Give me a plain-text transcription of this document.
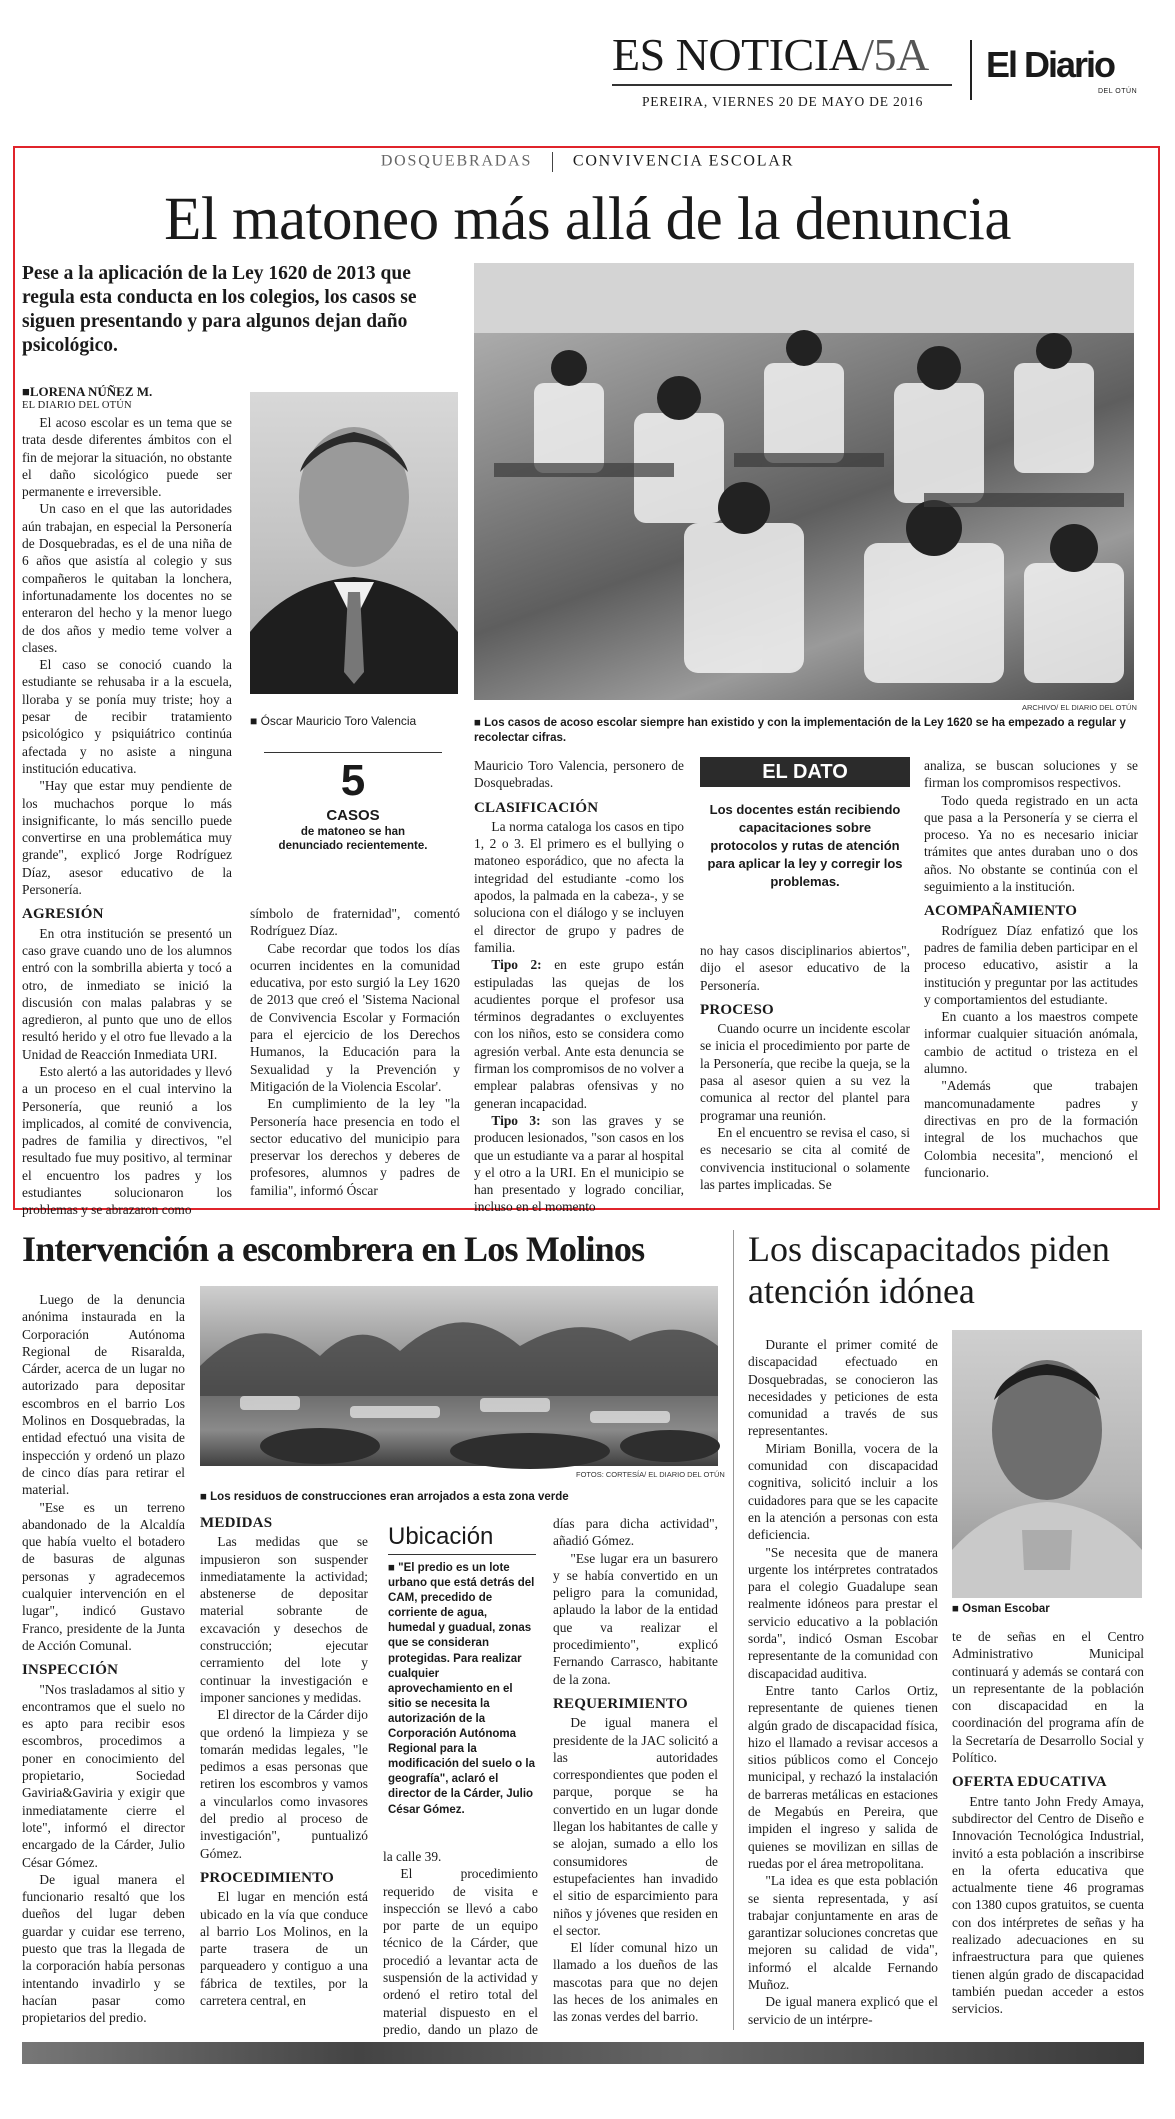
ES NOTICIA/5A El Diario
DEL OTÚN
PEREIRA, VIERNES 20 DE MAYO DE 2016
DOSQUEBRADAS	CONVIVENCIA ESCOLAR
El matoneo más allá de la denuncia
Pese a la aplicación de la Ley 1620 de 2013 que regula esta conducta en los colegios, los casos se siguen presentando y para algunos dejan daño psicológico.
ARCHIVO/ EL DIARIO DEL OTÚN
■ Los casos de acoso escolar siempre han existido y con la implementación de la Ley 1620 se ha empezado a regular y recolectar cifras.
■ Óscar Mauricio Toro Valencia
5
CASOS
de matoneo se han denunciado recientemente.
■LORENA NÚÑEZ M.
EL DIARIO DEL OTÚN

El acoso escolar es un tema que se trata desde diferentes ámbitos con el fin de mejorar la situación, no obstante el daño sicológico puede ser permanente e irreversible.

Un caso en el que las autoridades aún trabajan, en especial la Personería de Dosquebradas, es el de una niña de 6 años que asistía al colegio y sus compañeros le quitaban la lonchera, infortunadamente los docentes no se enteraron del hecho y la menor luego de dos años y medio teme volver a clases.

El caso se conoció cuando la estudiante se rehusaba ir a la escuela, lloraba y se ponía muy triste; hoy a pesar de recibir tratamiento psicológico y psiquiátrico continúa afectada y no asiste a ninguna institución educativa.

"Hay que estar muy pendiente de los muchachos porque lo más insignificante, lo más sencillo puede convertirse en una problemática muy grande", explicó Jorge Rodríguez Díaz, asesor educativo de la Personería.

AGRESIÓN

En otra institución se presentó un caso grave cuando uno de los alumnos entró con la sombrilla abierta y tocó a otro, de inmediato se inició la discusión con malas palabras y se agredieron, al punto que uno de ellos resultó herido y el otro fue llevado a la Unidad de Reacción Inmediata URI.

Esto alertó a las autoridades y llevó a un proceso en el cual intervino la Personería, que reunió a los implicados, al comité de convivencia, padres de familia y directivos, "el resultado fue muy positivo, al terminar el encuentro los padres y los estudiantes solucionaron los problemas y se abrazaron como

símbolo de fraternidad", comentó Rodríguez Díaz.

Cabe recordar que todos los días ocurren incidentes en la comunidad educativa, por esto surgió la Ley 1620 de 2013 que creó el 'Sistema Nacional de Convivencia Escolar y Formación para el ejercicio de los Derechos Humanos, la Educación para la Sexualidad y la Prevención y Mitigación de la Violencia Escolar'.

En cumplimiento de la ley "la Personería hace presencia en todo el sector educativo del municipio para preservar los derechos y deberes de profesores, alumnos y padres de familia", informó Óscar

Mauricio Toro Valencia, personero de Dosquebradas.

CLASIFICACIÓN

La norma cataloga los casos en tipo 1, 2 o 3. El primero es el bullying o matoneo esporádico, que no afecta la integridad del estudiante -como los apodos, la palmada en la cabeza-, y se soluciona con el diálogo y se incluyen el director de grupo y padres de familia.

Tipo 2: en este grupo están estipuladas las quejas de los acudientes porque el profesor usa términos degradantes o excluyentes con los niños, esto se considera como agresión verbal. Ante esta denuncia se firman los compromisos de no volver a emplear palabras ofensivas y no generan incapacidad.

Tipo 3: son las graves y se producen lesionados, "son casos en los que un estudiante va a parar al hospital y el otro a la URI. En el municipio se han presentado y logrado conciliar, incluso en el momento

EL DATO
Los docentes están recibiendo capacitaciones sobre protocolos y rutas de atención para aplicar la ley y corregir los problemas.

no hay casos disciplinarios abiertos", dijo el asesor educativo de la Personería.

PROCESO

Cuando ocurre un incidente escolar se inicia el procedimiento por parte de la Personería, que recibe la queja, se la pasa al asesor quien a su vez la comunica al rector del plantel para programar una reunión.

En el encuentro se revisa el caso, si es necesario se cita al comité de convivencia institucional o solamente las partes implicadas. Se

analiza, se buscan soluciones y se firman los compromisos respectivos.

Todo queda registrado en un acta que pasa a la Personería y se cierra el proceso. Ya no es necesario iniciar trámites que antes duraban uno o dos años. No obstante se continúa con el seguimiento a la institución.

ACOMPAÑAMIENTO

Rodríguez Díaz enfatizó que los padres de familia deben participar en el proceso educativo, asistir a la institución y preguntar por las actitudes y comportamientos del estudiante.

En cuanto a los maestros compete informar cualquier situación anómala, cambio de actitud o tristeza en el alumno.

"Además que trabajen mancomunadamente padres y directivas en pro de la formación integral de los muchachos que Colombia necesita", mencionó el funcionario.

Intervención a escombrera en Los Molinos
FOTOS: CORTESÍA/ EL DIARIO DEL OTÚN
■ Los residuos de construcciones eran arrojados a esta zona verde
Ubicación
■ "El predio es un lote urbano que está detrás del CAM, precedido de corriente de agua, humedal y guadual, zonas que se consideran protegidas. Para realizar cualquier aprovechamiento en el sitio se necesita la autorización de la Corporación Autónoma Regional para la modificación del suelo o la geografía", aclaró el director de la Cárder, Julio César Gómez.

Luego de la denuncia anónima instaurada en la Corporación Autónoma Regional de Risaralda, Cárder, acerca de un lugar no autorizado para depositar escombros en el barrio Los Molinos en Dosquebradas, la entidad efectuó una visita de inspección y ordenó un plazo de cinco días para retirar el material.

"Ese es un terreno abandonado de la Alcaldía que había vuelto el botadero de basuras de algunas personas y agradecemos cualquier intervención en el lugar", indicó Gustavo Franco, presidente de la Junta de Acción Comunal.

INSPECCIÓN

"Nos trasladamos al sitio y encontramos que el suelo no es apto para recibir esos escombros, procedimos a poner en conocimiento del propietario, Sociedad Gaviria&Gaviria y exigir que inmediatamente cierre el lote", informó el director encargado de la Cárder, Julio César Gómez.

De igual manera el funcionario resaltó que los dueños del lugar deben guardar y cuidar ese terreno, puesto que tras la llegada de la corporación había personas intentando invadirlo y se hacían pasar como propietarios del predio.

MEDIDAS

Las medidas que se impusieron son suspender inmediatamente la actividad; abstenerse de depositar material sobrante de excavación y desechos de construcción; ejecutar cerramiento del lote y continuar la investigación e imponer sanciones y medidas.

El director de la Cárder dijo que ordenó la limpieza y se tomarán medidas legales, "le pedimos a esas personas que retiren los escombros y vamos a vincularlos como invasores del predio al proceso de investigación", puntualizó Gómez.

PROCEDIMIENTO

El lugar en mención está ubicado en la vía que conduce al barrio Los Molinos, en la parte trasera de un parqueadero y contiguo a una fábrica de textiles, por la carretera central, en

la calle 39.

El procedimiento requerido de visita e inspección se llevó a cabo por parte de un equipo técnico de la Cárder, que procedió a levantar acta de suspensión de la actividad y ordenó el retiro total del material dispuesto en el predio, dando un plazo de

días para dicha actividad", añadió Gómez.

"Ese lugar era un basurero y se había convertido en un peligro para la comunidad, aplaudo la labor de la entidad que va realizar el procedimiento", explicó Fernando Carrasco, habitante de la zona.

REQUERIMIENTO

De igual manera el presidente de la JAC solicitó a las autoridades correspondientes que poden el parque, porque se ha convertido en un lugar donde llegan los habitantes de calle y se alojan, sumado a ello los consumidores de estupefacientes han invadido el sitio de esparcimiento para niños y jóvenes que residen en el sector.

El líder comunal hizo un llamado a los dueños de las mascotas para que no dejen las heces de los animales en las zonas verdes del barrio.

Los discapacitados piden atención idónea
■ Osman Escobar

Durante el primer comité de discapacidad efectuado en Dosquebradas, se conocieron las necesidades y peticiones de esta comunidad a través de sus representantes.

Miriam Bonilla, vocera de la comunidad con discapacidad cognitiva, solicitó incluir a los cuidadores para que se les capacite en la atención a personas con esta deficiencia.

"Se necesita que de manera urgente los intérpretes contratados para el colegio Guadalupe sean realmente idóneos para prestar el servicio educativo a la población sorda", indicó Osman Escobar representante de la comunidad con discapacidad auditiva.

Entre tanto Carlos Ortiz, representante de quienes tienen algún grado de discapacidad física, hizo el llamado a revisar accesos a sitios públicos como el Concejo municipal, y rechazó la instalación de barreras metálicas en estaciones de Megabús en Pereira, que impiden el ingreso y salida de quienes se movilizan en sillas de ruedas por el área metropolitana.

"La idea es que esta población se sienta representada, y así trabajar conjuntamente en aras de garantizar soluciones concretas que mejoren su calidad de vida", informó el alcalde Fernando Muñoz.

De igual manera explicó que el servicio de un intérpre-

te de señas en el Centro Administrativo Municipal continuará y además se contará con un representante de la población con discapacidad en la coordinación del programa afín de la Secretaría de Desarrollo Social y Político.

OFERTA EDUCATIVA

Entre tanto John Fredy Amaya, subdirector del Centro de Diseño e Innovación Tecnológica Industrial, invitó a esta población a inscribirse en la oferta educativa que actualmente tiene 46 programas con 1380 cupos gratuitos, se cuenta con dos intérpretes de señas y ha realizado adecuaciones en su infraestructura para que quienes tienen algún grado de discapacidad también puedan acceder a estos servicios.
